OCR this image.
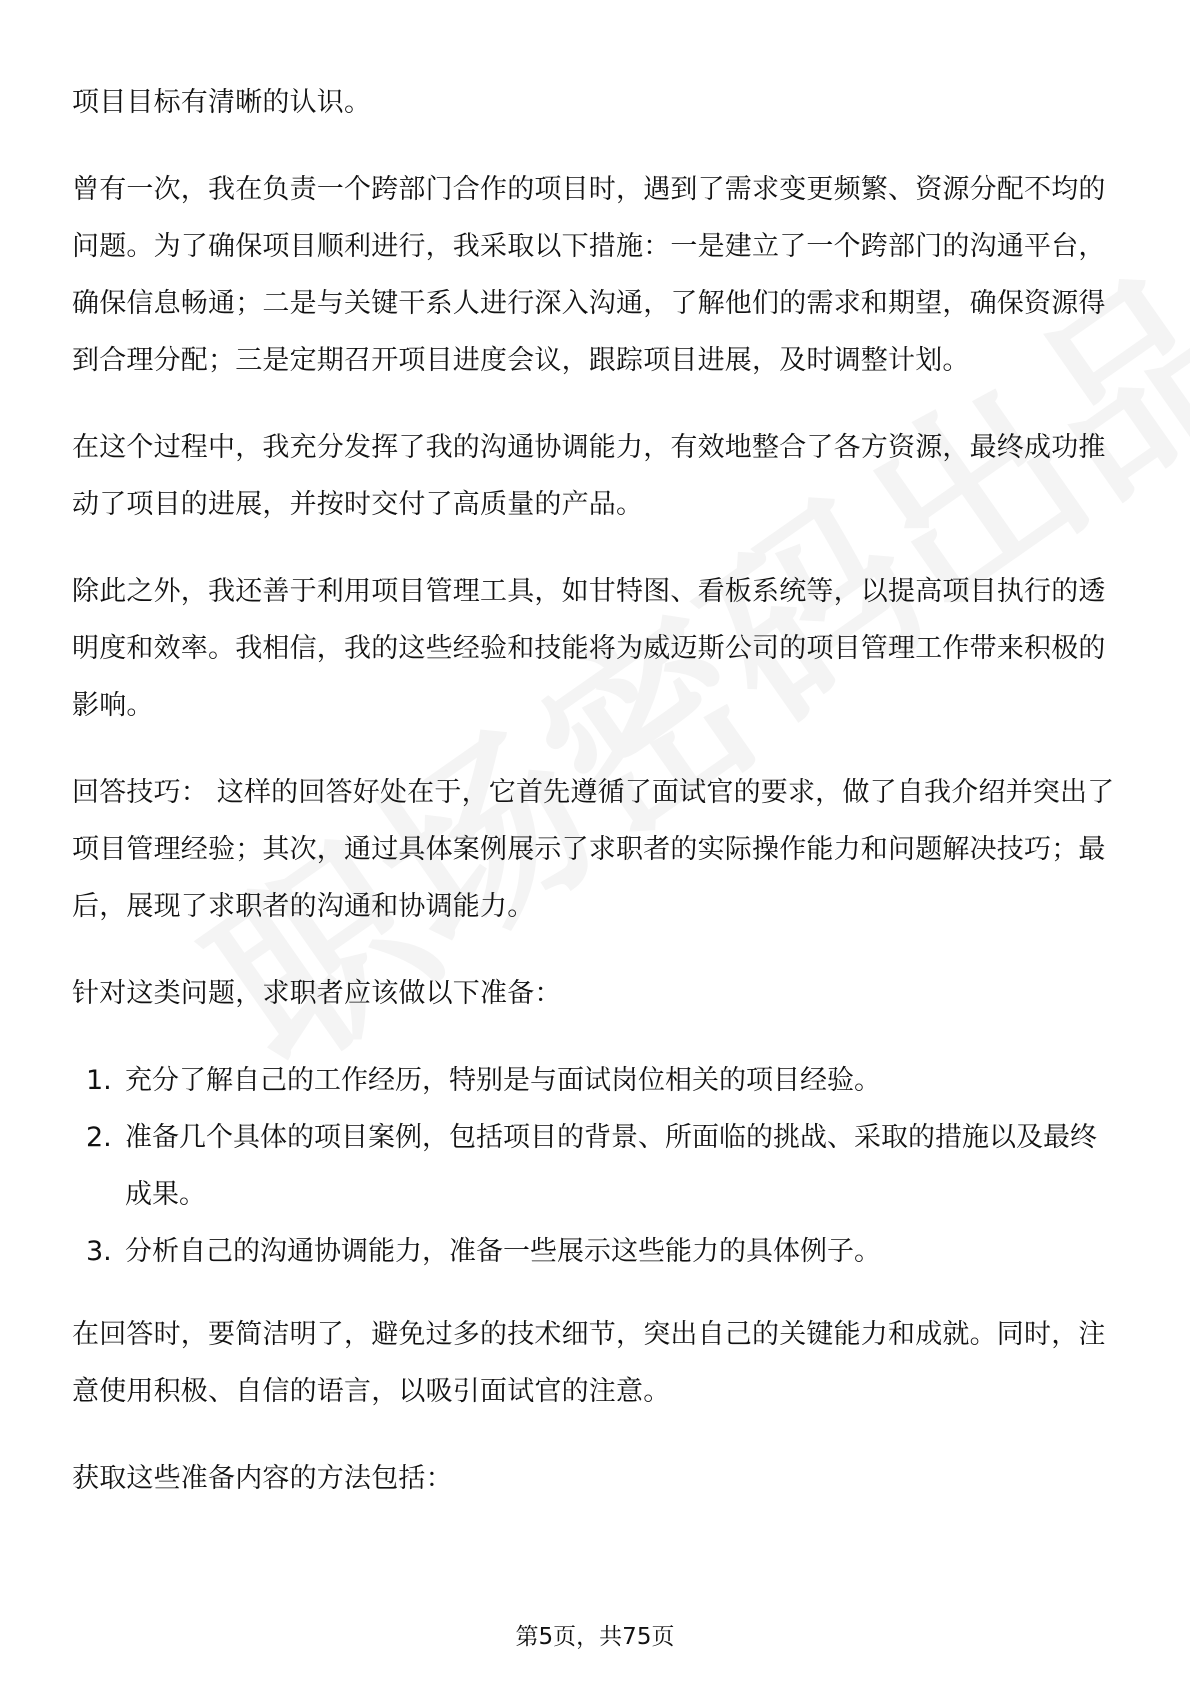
项目目标有清晰的认识。

曾有一次，我在负责一个跨部门合作的项目时，遇到了需求变更频繁、资源分配不均的问题。为了确保项目顺利进行，我采取以下措施：一是建立了一个跨部门的沟通平台，确保信息畅通；二是与关键干系人进行深入沟通，了解他们的需求和期望，确保资源得到合理分配；三是定期召开项目进度会议，跟踪项目进展，及时调整计划。

在这个过程中，我充分发挥了我的沟通协调能力，有效地整合了各方资源，最终成功推动了项目的进展，并按时交付了高质量的产品。

除此之外，我还善于利用项目管理工具，如甘特图、看板系统等，以提高项目执行的透明度和效率。我相信，我的这些经验和技能将为威迈斯公司的项目管理工作带来积极的影响。

回答技巧： 这样的回答好处在于，它首先遵循了面试官的要求，做了自我介绍并突出了项目管理经验；其次，通过具体案例展示了求职者的实际操作能力和问题解决技巧；最后，展现了求职者的沟通和协调能力。

针对这类问题，求职者应该做以下准备：

1. 充分了解自己的工作经历，特别是与面试岗位相关的项目经验。
2. 准备几个具体的项目案例，包括项目的背景、所面临的挑战、采取的措施以及最终成果。
3. 分析自己的沟通协调能力，准备一些展示这些能力的具体例子。

在回答时，要简洁明了，避免过多的技术细节，突出自己的关键能力和成就。同时，注意使用积极、自信的语言，以吸引面试官的注意。

获取这些准备内容的方法包括：

第5页，共75页
